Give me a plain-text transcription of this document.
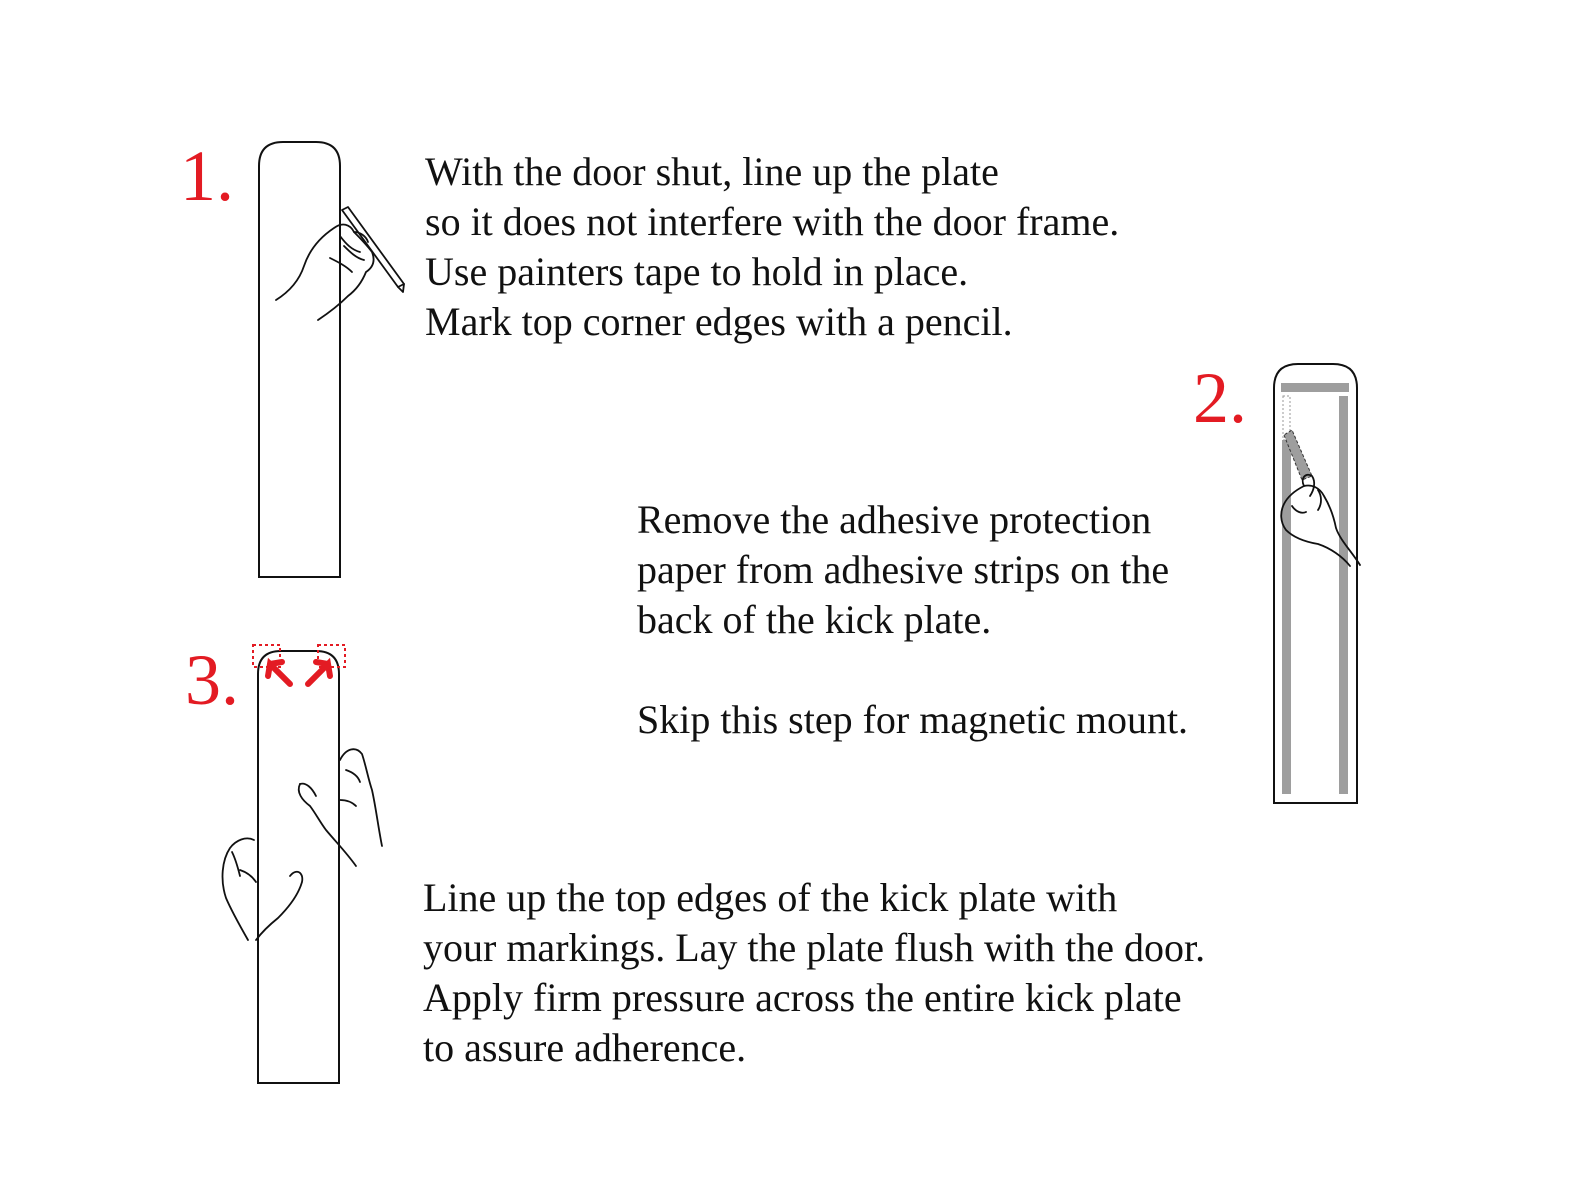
1.
2.
3.
With the door shut, line up the plate
so it does not interfere with the door frame.
Use painters tape to hold in place.
Mark top corner edges with a pencil.
Remove the adhesive protection
paper from adhesive strips on the
back of the kick plate.
Skip this step for magnetic mount.
Line up the top edges of the kick plate with
your markings. Lay the plate flush with the door.
Apply firm pressure across the entire kick plate
to assure adherence.
